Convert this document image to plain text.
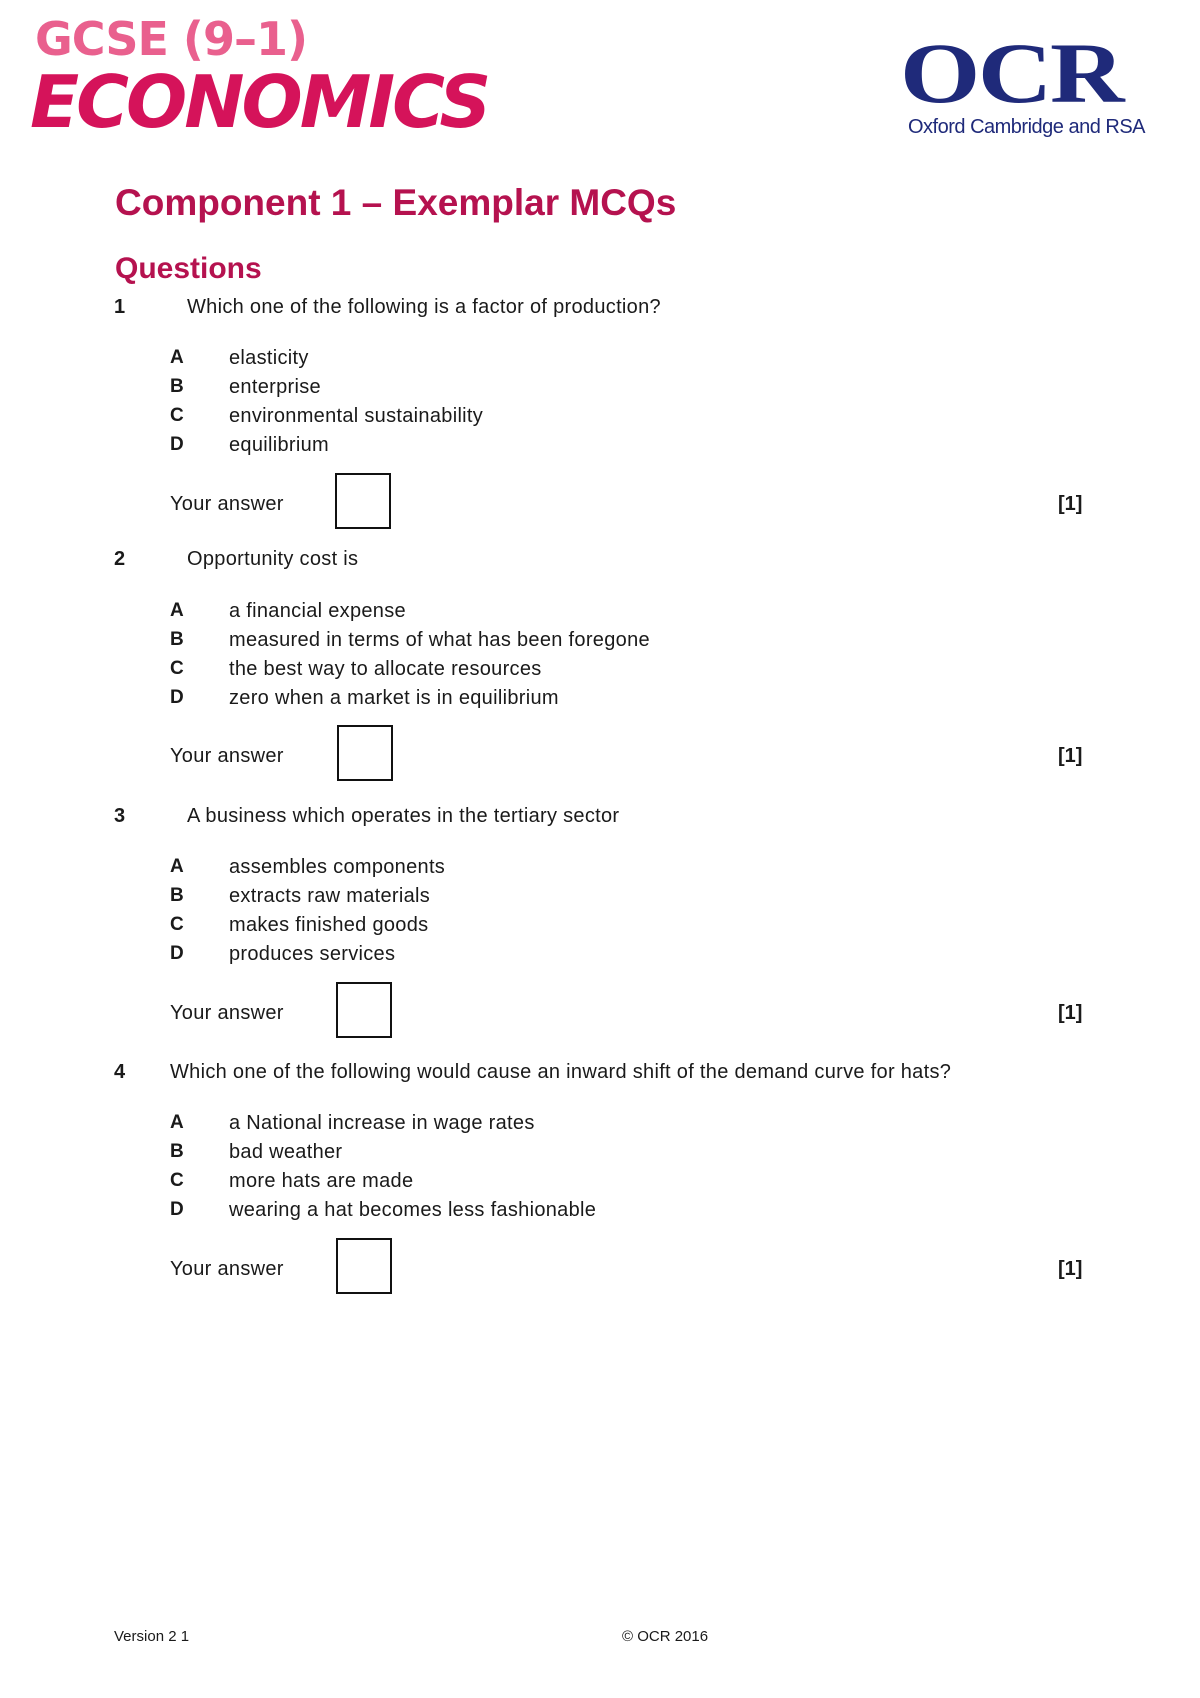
GCSE (9–1)
ECONOMICS	OCR
Oxford Cambridge and RSA
Component 1 – Exemplar MCQs
Questions
1	Which one of the following is a factor of production?
A elasticity
B enterprise
C environmental sustainability
D equilibrium
Your answer	[1]
2	Opportunity cost is
A a financial expense
B measured in terms of what has been foregone
C the best way to allocate resources
D zero when a market is in equilibrium
Your answer	[1]
3	A business which operates in the tertiary sector
A assembles components
B extracts raw materials
C makes finished goods
D produces services
Your answer	[1]
4 Which one of the following would cause an inward shift of the demand curve for hats?
A a National increase in wage rates
B bad weather
C more hats are made
D wearing a hat becomes less fashionable
Your answer	[1]
Version 2 1	© OCR 2016
